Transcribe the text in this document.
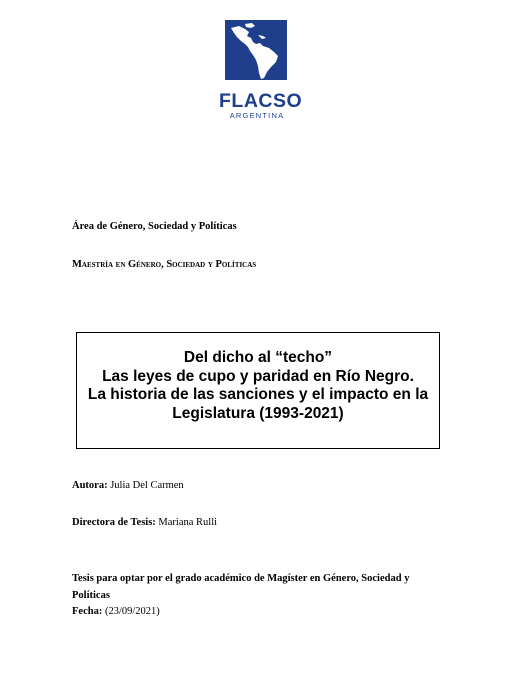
FLACSO
ARGENTINA
Área de Género, Sociedad y Políticas
Maestría en Género, Sociedad y Políticas
Del dicho al “techo”
Las leyes de cupo y paridad en Río Negro.
La historia de las sanciones y el impacto en la
Legislatura (1993-2021)
Autora: Julia Del Carmen
Directora de Tesis: Mariana Rulli
Tesis para optar por el grado académico de Magíster en Género, Sociedad y
Políticas
Fecha: (23/09/2021)
